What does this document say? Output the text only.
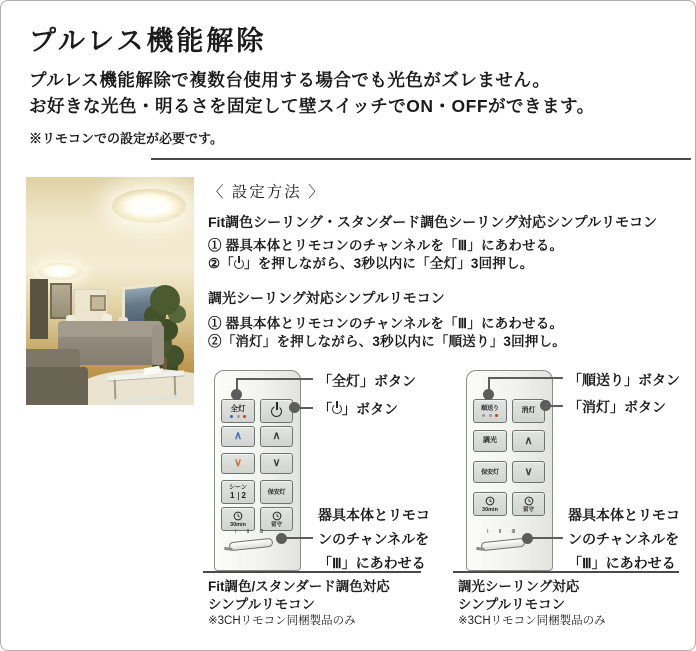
プルレス機能解除

プルレス機能解除で複数台使用する場合でも光色がズレません。

お好きな光色・明るさを固定して壁スイッチでON・OFFができます。

※リモコンでの設定が必要です。

〈 設定方法 〉

Fit調色シーリング・スタンダード調色シーリング対応シンプルリモコン

① 器具本体とリモコンのチャンネルを「Ⅲ」にあわせる。

②「 」を押しながら、3秒以内に「全灯」3回押し。

調光シーリング対応シンプルリモコン

① 器具本体とリモコンのチャンネルを「Ⅲ」にあわせる。

②「消灯」を押しながら、3秒以内に「順送り」3回押し。

全灯
∧	∧
∨	∨
シーン
1 2	保安灯
30min	留守
Ⅰ Ⅱ Ⅲ
「全灯」ボタン
「 」ボタン
器具本体とリモコ
ンのチャンネルを
「Ⅲ」にあわせる
順送り	消灯
調光 ∧
保安灯 ∨
30min	留守
Ⅰ Ⅱ Ⅲ
「順送り」ボタン
「消灯」ボタン
器具本体とリモコ
ンのチャンネルを
「Ⅲ」にあわせる
Fit調色/スタンダード調色対応
シンプルリモコン
調光シーリング対応
シンプルリモコン
※3CHリモコン同梱製品のみ	※3CHリモコン同梱製品のみ
